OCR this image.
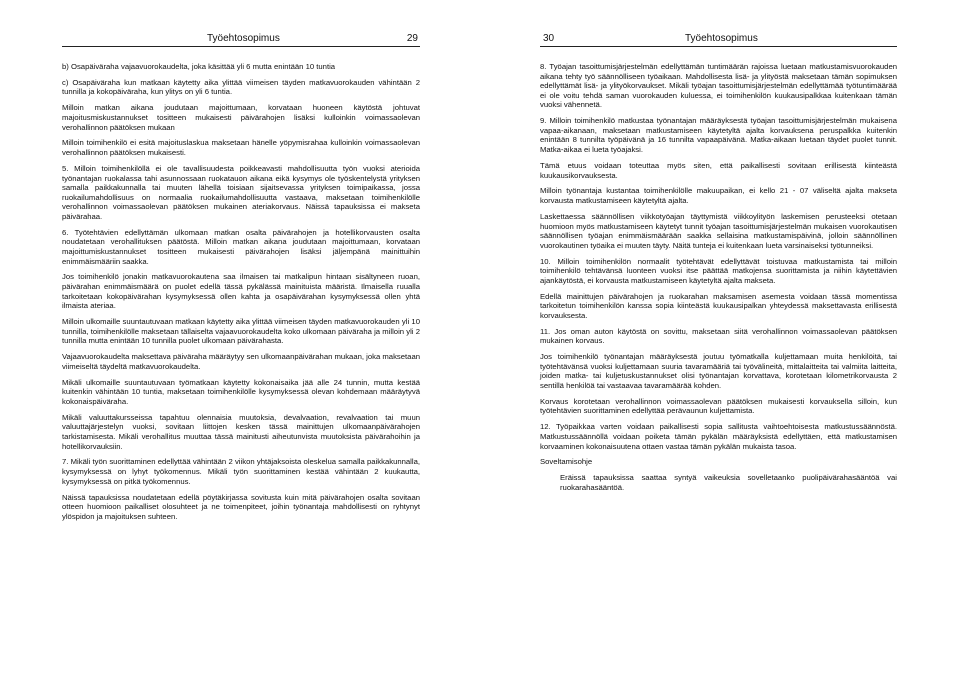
Työehtosopimus	29

b) Osapäiväraha vajaavuorokaudelta, joka käsittää yli 6 mutta enintään 10 tuntia

c) Osapäiväraha kun matkaan käytetty aika ylittää viimeisen täyden matkavuorokauden vähintään 2 tunnilla ja kokopäiväraha, kun ylitys on yli 6 tuntia.

Milloin matkan aikana joudutaan majoittumaan, korvataan huoneen käytöstä johtuvat majoitusmiskustannukset tositteen mukaisesti päivärahojen lisäksi kulloinkin voimassaolevan verohallinnon päätöksen mukaan

Milloin toimihenkilö ei esitä majoituslaskua maksetaan hänelle yöpymisrahaa kulloinkin voimassaolevan verohallinnon päätöksen mukaisesti.

5. Milloin toimihenkilöllä ei ole tavallisuudesta poikkeavasti mahdollisuutta työn vuoksi aterioida työnantajan ruokalassa tahi asunnossaan ruokatauon aikana eikä kysymys ole työskentelystä yrityksen samalla paikkakunnalla tai muuten lähellä toisiaan sijaitsevassa yrityksen toimipaikassa, jossa ruokailumahdollisuus on normaalia ruokailumahdollisuutta vastaava, maksetaan toimihenkilölle verohallinnon voimassaolevan päätöksen mukainen ateriakorvaus. Näissä tapauksissa ei makseta päivärahaa.

6. Työtehtävien edellyttämän ulkomaan matkan osalta päivärahojen ja hotellikorvausten osalta noudatetaan verohallituksen päätöstä. Milloin matkan aikana joudutaan majoittumaan, korvataan majoittumiskustannukset tositteen mukaisesti päivärahojen lisäksi jäljempänä mainittuihin enimmäismääriin saakka.

Jos toimihenkilö jonakin matkavuorokautena saa ilmaisen tai matkalipun hintaan sisältyneen ruoan, päivärahan enimmäismäärä on puolet edellä tässä pykälässä mainituista määristä. Ilmaisella ruualla tarkoitetaan kokopäivärahan kysymyksessä ollen kahta ja osapäivärahan kysymyksessä ollen yhtä ilmaista ateriaa.

Milloin ulkomaille suuntautuvaan matkaan käytetty aika ylittää viimeisen täyden matkavuorokauden yli 10 tunnilla, toimihenkilölle maksetaan tällaiselta vajaavuorokaudelta koko ulkomaan päiväraha ja milloin yli 2 tunnilla mutta enintään 10 tunnilla puolet ulkomaan päivärahasta.

Vajaavuorokaudelta maksettava päiväraha määräytyy sen ulkomaanpäivärahan mukaan, joka maksetaan viimeiseltä täydeltä matkavuorokaudelta.

Mikäli ulkomaille suuntautuvaan työmatkaan käytetty kokonaisaika jää alle 24 tunnin, mutta kestää kuitenkin vähintään 10 tuntia, maksetaan toimihenkilölle kysymyksessä olevan kohdemaan määräytyvä kokonaispäiväraha.

Mikäli valuuttakursseissa tapahtuu olennaisia muutoksia, devalvaation, revalvaation tai muun valuuttajärjestelyn vuoksi, sovitaan liittojen kesken tässä mainittujen ulkomaanpäivärahojen tarkistamisesta. Mikäli verohallitus muuttaa tässä mainitusti aiheutunvista muutoksista päivärahoihin ja hotellikorvauksiin.

7. Mikäli työn suorittaminen edellyttää vähintään 2 viikon yhtäjaksoista oleskelua samalla paikkakunnalla, kysymyksessä on lyhyt työkomennus. Mikäli työn suorittaminen kestää vähintään 2 kuukautta, kysymyksessä on pitkä työkomennus.

Näissä tapauksissa noudatetaan edellä pöytäkirjassa sovitusta kuin mitä päivärahojen osalta sovitaan otteen huomioon paikalliset olosuhteet ja ne toimenpiteet, joihin työnantaja mahdollisesti on ryhtynyt ylöspidon ja majoituksen suhteen.

30	Työehtosopimus

8. Työajan tasoittumisjärjestelmän edellyttämän tuntimäärän rajoissa luetaan matkustamisvuorokauden aikana tehty työ säännölliseen työaikaan. Mahdollisesta lisä- ja ylityöstä maksetaan tämän sopimuksen edellyttämät lisä- ja ylityökorvaukset. Mikäli työajan tasoittumisjärjestelmän edellyttämää työtuntimäärää ei ole voitu tehdä saman vuorokauden kuluessa, ei toimihenkilön kuukausipalkkaa kuitenkaan tämän vuoksi vähennetä.

9. Milloin toimihenkilö matkustaa työnantajan määräyksestä työajan tasoittumisjärjestelmän mukaisena vapaa-aikanaan, maksetaan matkustamiseen käytetyltä ajalta korvauksena peruspalkka kuitenkin enintään 8 tunnilta työpäivänä ja 16 tunnilta vapaapäivänä. Matka-aikaan luetaan täydet puolet tunnit. Matka-aikaa ei lueta työajaksi.

Tämä etuus voidaan toteuttaa myös siten, että paikallisesti sovitaan erillisestä kiinteästä kuukausikorvauksesta.

Milloin työnantaja kustantaa toimihenkilölle makuupaikan, ei kello 21 - 07 väliseltä ajalta makseta korvausta matkustamiseen käytetyltä ajalta.

Laskettaessa säännöllisen viikkotyöajan täyttymistä viikkoylityön laskemisen perusteeksi otetaan huomioon myös matkustamiseen käytetyt tunnit työajan tasoittumisjärjestelmän mukaisen vuorokautisen säännöllisen työajan enimmäismäärään saakka sellaisina matkustamispäivinä, jolloin säännöllinen vuorokautinen työaika ei muuten täyty. Näitä tunteja ei kuitenkaan lueta varsinaiseksi työtunneiksi.

10. Milloin toimihenkilön normaalit työtehtävät edellyttävät toistuvaa matkustamista tai milloin toimihenkilö tehtävänsä luonteen vuoksi itse päättää matkojensa suorittamista ja niihin käytettävien ajankäytöstä, ei korvausta matkustamiseen käytetyltä ajalta makseta.

Edellä mainittujen päivärahojen ja ruokarahan maksamisen asemesta voidaan tässä momentissa tarkoitetun toimihenkilön kanssa sopia kiinteästä kuukausipalkan yhteydessä maksettavasta erillisestä korvauksesta.

11. Jos oman auton käytöstä on sovittu, maksetaan siitä verohallinnon voimassaolevan päätöksen mukainen korvaus.

Jos toimihenkilö työnantajan määräyksestä joutuu työmatkalla kuljettamaan muita henkilöitä, tai työtehtävänsä vuoksi kuljettamaan suuria tavaramääriä tai työvälineitä, mittalaitteita tai valmiita laitteita, joiden matka- tai kuljetuskustannukset olisi työnantajan korvattava, korotetaan kilometrikorvausta 2 sentillä henkilöä tai vastaavaa tavaramäärää kohden.

Korvaus korotetaan verohallinnon voimassaolevan päätöksen mukaisesti korvauksella silloin, kun työtehtävien suorittaminen edellyttää perävaunun kuljettamista.

12. Työpaikkaa varten voidaan paikallisesti sopia sallitusta vaihtoehtoisesta matkustussäännöstä. Matkustussäännöllä voidaan poiketa tämän pykälän määräyksistä edellyttäen, että matkustamisen korvaaminen kokonaisuutena ottaen vastaa tämän pykälän mukaista tasoa.

Soveltamisohje

Eräissä tapauksissa saattaa syntyä vaikeuksia sovelletaanko puolipäivärahasääntöä vai ruokarahasääntöä.
